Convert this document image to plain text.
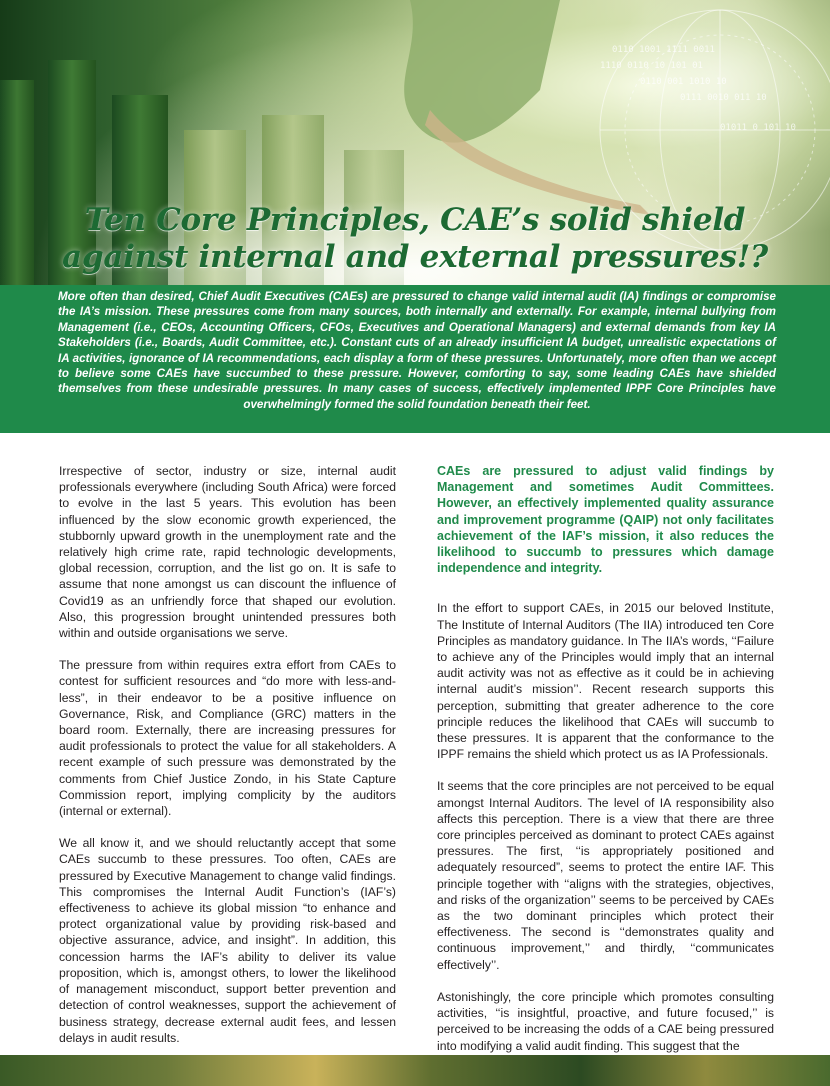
0110 1001 1111 0011
1110 0110 10 101 01
0110 001 1010 10
0111 0010 011 10
01011 0 101 10
Ten Core Principles, CAE’s solid shield
against internal and external pressures!?

More often than desired, Chief Audit Executives (CAEs) are pressured to change valid internal audit (IA) findings or compromise the IA’s mission. These pressures come from many sources, both internally and externally. For example, internal bullying from Management (i.e., CEOs, Accounting Officers, CFOs, Executives and Operational Managers) and external demands from key IA Stakeholders (i.e., Boards, Audit Committee, etc.). Constant cuts of an already insufficient IA budget, unrealistic expectations of IA activities, ignorance of IA recommendations, each display a form of these pressures. Unfortunately, more often than we accept to believe some CAEs have succumbed to these pressure. However, comforting to say, some leading CAEs have shielded themselves from these undesirable pressures. In many cases of success, effectively implemented IPPF Core Principles have overwhelmingly formed the solid foundation beneath their feet.

Irrespective of sector, industry or size, internal audit professionals everywhere (including South Africa) were forced to evolve in the last 5 years. This evolution has been influenced by the slow economic growth experienced, the stubbornly upward growth in the unemployment rate and the relatively high crime rate, rapid technologic developments, global recession, corruption, and the list go on. It is safe to assume that none amongst us can discount the influence of Covid19 as an unfriendly force that shaped our evolution. Also, this progression brought unintended pressures both within and outside organisations we serve.

The pressure from within requires extra effort from CAEs to contest for sufficient resources and “do more with less-and-less”, in their endeavor to be a positive influence on Governance, Risk, and Compliance (GRC) matters in the board room. Externally, there are increasing pressures for audit professionals to protect the value for all stakeholders. A recent example of such pressure was demonstrated by the comments from Chief Justice Zondo, in his State Capture Commission report, implying complicity by the auditors (internal or external).

We all know it, and we should reluctantly accept that some CAEs succumb to these pressures. Too often, CAEs are pressured by Executive Management to change valid findings. This compromises the Internal Audit Function’s (IAF’s) effectiveness to achieve its global mission “to enhance and protect organizational value by providing risk-based and objective assurance, advice, and insight”. In addition, this concession harms the IAF’s ability to deliver its value proposition, which is, amongst others, to lower the likelihood of management misconduct, support better prevention and detection of control weaknesses, support the achievement of business strategy, decrease external audit fees, and lessen delays in audit results.

CAEs are pressured to adjust valid findings by Management and sometimes Audit Committees. However, an effectively implemented quality assurance and improvement programme (QAIP) not only facilitates achievement of the IAF’s mission, it also reduces the likelihood to succumb to pressures which damage independence and integrity.

In the effort to support CAEs, in 2015 our beloved Institute, The Institute of Internal Auditors (The IIA) introduced ten Core Principles as mandatory guidance. In The IIA’s words, ‘‘Failure to achieve any of the Principles would imply that an internal audit activity was not as effective as it could be in achieving internal audit’s mission’’. Recent research supports this perception, submitting that greater adherence to the core principle reduces the likelihood that CAEs will succumb to these pressures. It is apparent that the conformance to the IPPF remains the shield which protect us as IA Professionals.

It seems that the core principles are not perceived to be equal amongst Internal Auditors. The level of IA responsibility also affects this perception. There is a view that there are three core principles perceived as dominant to protect CAEs against pressures. The first, ‘‘is appropriately positioned and adequately resourced”, seems to protect the entire IAF. This principle together with ‘‘aligns with the strategies, objectives, and risks of the organization’’ seems to be perceived by CAEs as the two dominant principles which protect their effectiveness. The second is ‘‘demonstrates quality and continuous improvement,’’ and thirdly, ‘‘communicates effectively’’.

Astonishingly, the core principle which promotes consulting activities, ‘‘is insightful, proactive, and future focused,’’ is perceived to be increasing the odds of a CAE being pressured into modifying a valid audit finding. This suggest that the
